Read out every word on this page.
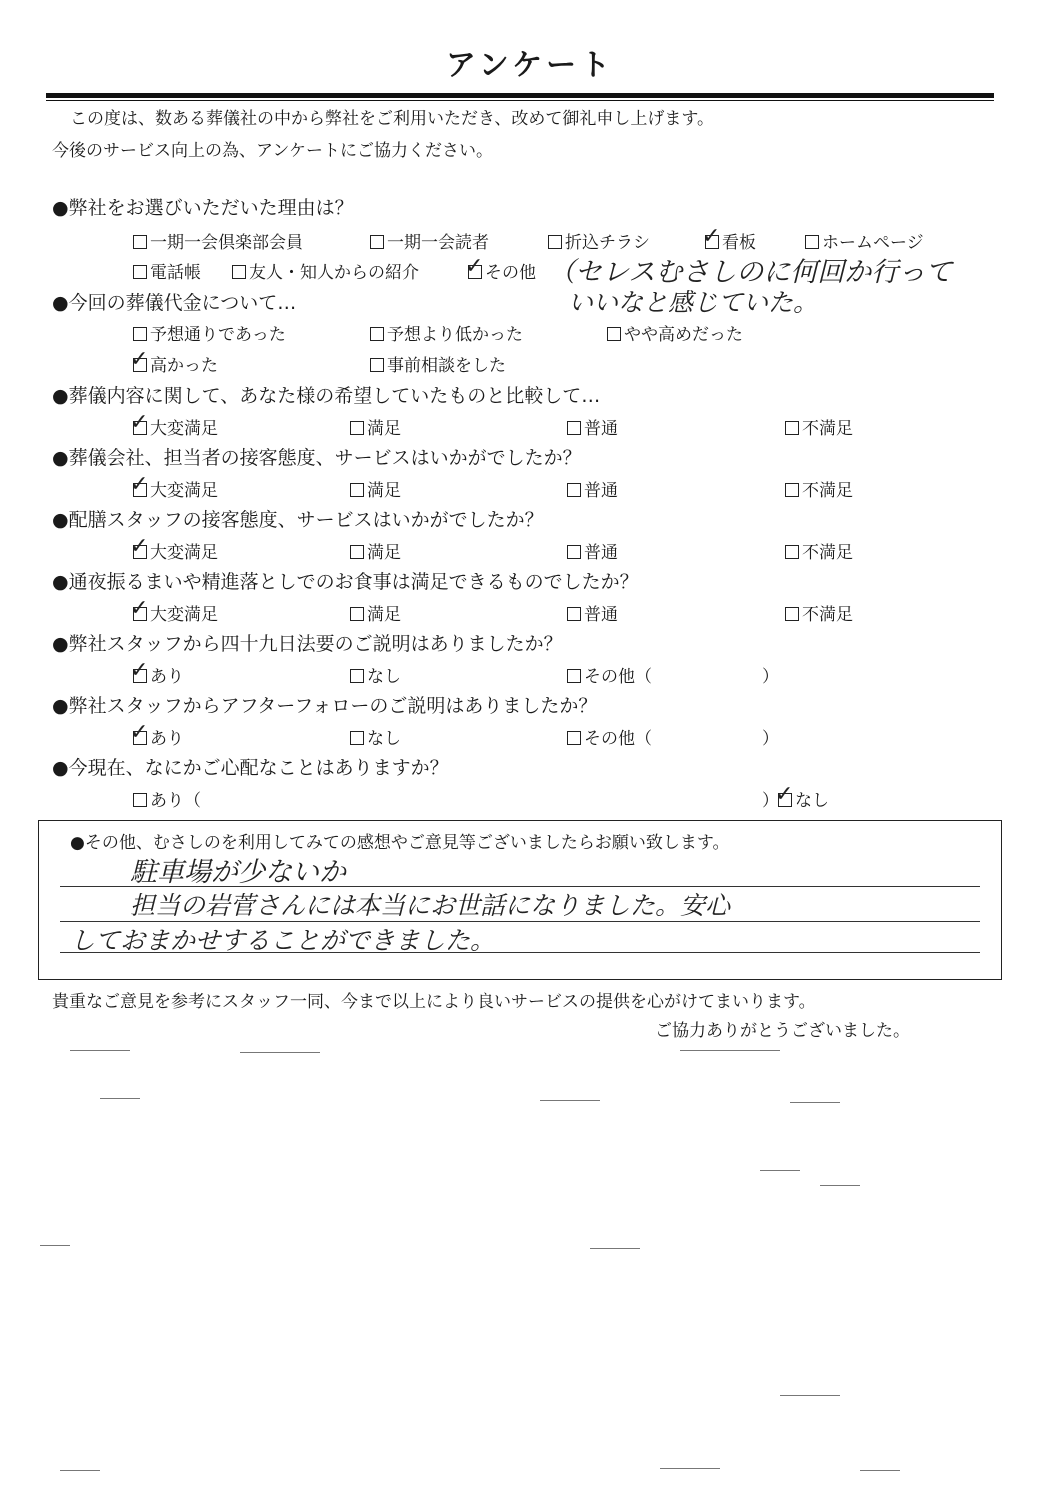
アンケート
この度は、数ある葬儀社の中から弊社をご利用いただき、改めて御礼申し上げます。
今後のサービス向上の為、アンケートにご協力ください。
●弊社をお選びいただいた理由は？
一期一会倶楽部会員	一期一会読者	折込チラシ ✓	看板	ホームページ
電話帳	友人・知人からの紹介 ✓	その他 （セレスむさしのに何回か行って
いいなと感じていた。
●今回の葬儀代金について…
予想通りであった	予想より低かった	やや高めだった
✓高かった	事前相談をした
●葬儀内容に関して、あなた様の希望していたものと比較して…
✓大変満足	満足	普通	不満足
●葬儀会社、担当者の接客態度、サービスはいかがでしたか？
✓大変満足	満足	普通	不満足
●配膳スタッフの接客態度、サービスはいかがでしたか？
✓大変満足	満足	普通	不満足
●通夜振るまいや精進落としでのお食事は満足できるものでしたか？
✓大変満足	満足	普通	不満足
●弊社スタッフから四十九日法要のご説明はありましたか？
✓あり	なし	その他（	）
●弊社スタッフからアフターフォローのご説明はありましたか？
✓あり	なし	その他（	）
●今現在、なにかご心配なことはありますか？
あり（	） ✓ なし
●その他、むさしのを利用してみての感想やご意見等ございましたらお願い致します。
駐車場が少ないか
担当の岩菅さんには本当にお世話になりました。安心
しておまかせすることができました。
貴重なご意見を参考にスタッフ一同、今まで以上により良いサービスの提供を心がけてまいります。
ご協力ありがとうございました。
